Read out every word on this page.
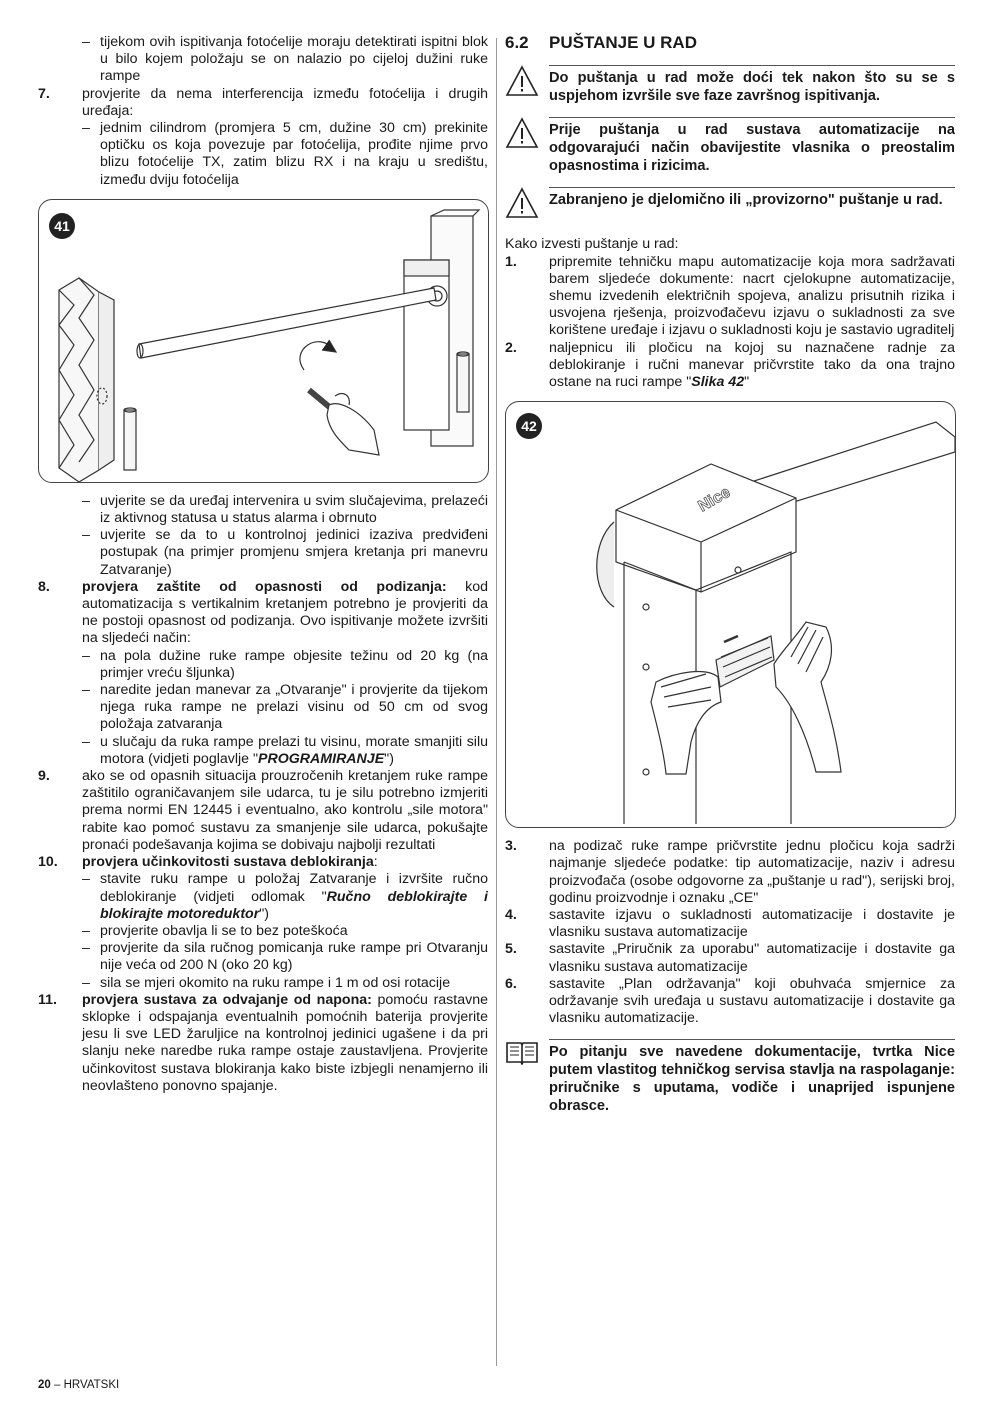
– tijekom ovih ispitivanja fotoćelije moraju detektirati ispitni blok u bilo kojem položaju se on nalazio po cijeloj dužini ruke rampe
7.	provjerite da nema interferencija između fotoćelija i drugih uređaja:
– jednim cilindrom (promjera 5 cm, dužine 30 cm) prekinite optičku os koja povezuje par fotoćelija, prođite njime prvo blizu fotoćelije TX, zatim blizu RX i na kraju u središtu, između dviju fotoćelija
41
– uvjerite se da uređaj intervenira u svim slučajevima, prelazeći iz aktivnog statusa u status alarma i obrnuto
– uvjerite se da to u kontrolnoj jedinici izaziva predviđeni postupak (na primjer promjenu smjera kretanja pri manevru Zatvaranje)
8.	provjera zaštite od opasnosti od podizanja: kod automatizacija s vertikalnim kretanjem potrebno je provjeriti da ne postoji opasnost od podizanja. Ovo ispitivanje možete izvršiti na sljedeći način:
– na pola dužine ruke rampe objesite težinu od 20 kg (na primjer vreću šljunka)
– naredite jedan manevar za „Otvaranje" i provjerite da tijekom njega ruka rampe ne prelazi visinu od 50 cm od svog položaja zatvaranja
– u slučaju da ruka rampe prelazi tu visinu, morate smanjiti silu motora (vidjeti poglavlje "PROGRAMIRANJE")
9.	ako se od opasnih situacija prouzročenih kretanjem ruke rampe zaštitilo ograničavanjem sile udarca, tu je silu potrebno izmjeriti prema normi EN 12445 i eventualno, ako kontrolu „sile motora" rabite kao pomoć sustavu za smanjenje sile udarca, pokušajte pronaći podešavanja kojima se dobivaju najbolji rezultati
10.	provjera učinkovitosti sustava deblokiranja:
– stavite ruku rampe u položaj Zatvaranje i izvršite ručno deblokiranje (vidjeti odlomak "Ručno deblokirajte i blokirajte motoreduktor")
– provjerite obavlja li se to bez poteškoća
– provjerite da sila ručnog pomicanja ruke rampe pri Otvaranju nije veća od 200 N (oko 20 kg)
– sila se mjeri okomito na ruku rampe i 1 m od osi rotacije
11.	provjera sustava za odvajanje od napona: pomoću rastavne sklopke i odspajanja eventualnih pomoćnih baterija provjerite jesu li sve LED žaruljice na kontrolnoj jedinici ugašene i da pri slanju neke naredbe ruka rampe ostaje zaustavljena. Provjerite učinkovitost sustava blokiranja kako biste izbjegli nenamjerno ili neovlašteno ponovno spajanje.
6.2	PUŠTANJE U RAD
Do puštanja u rad može doći tek nakon što su se s uspjehom izvršile sve faze završnog ispitivanja.
Prije puštanja u rad sustava automatizacije na odgovarajući način obavijestite vlasnika o preostalim opasnostima i rizicima.
Zabranjeno je djelomično ili „provizorno" puštanje u rad.
Kako izvesti puštanje u rad:
1.	pripremite tehničku mapu automatizacije koja mora sadržavati barem sljedeće dokumente: nacrt cjelokupne automatizacije, shemu izvedenih električnih spojeva, analizu prisutnih rizika i usvojena rješenja, proizvođačevu izjavu o sukladnosti za sve korištene uređaje i izjavu o sukladnosti koju je sastavio ugraditelj
2.	naljepnicu ili pločicu na kojoj su naznačene radnje za deblokiranje i ručni manevar pričvrstite tako da ona trajno ostane na ruci rampe "Slika 42"
42
Nice
3.	na podizač ruke rampe pričvrstite jednu pločicu koja sadrži najmanje sljedeće podatke: tip automatizacije, naziv i adresu proizvođača (osobe odgovorne za „puštanje u rad"), serijski broj, godinu proizvodnje i oznaku „CE"
4.	sastavite izjavu o sukladnosti automatizacije i dostavite je vlasniku sustava automatizacije
5.	sastavite „Priručnik za uporabu" automatizacije i dostavite ga vlasniku sustava automatizacije
6.	sastavite „Plan održavanja" koji obuhvaća smjernice za održavanje svih uređaja u sustavu automatizacije i dostavite ga vlasniku automatizacije.
Po pitanju sve navedene dokumentacije, tvrtka Nice putem vlastitog tehničkog servisa stavlja na raspolaganje: priručnike s uputama, vodiče i unaprijed ispunjene obrasce.
20 – HRVATSKI
